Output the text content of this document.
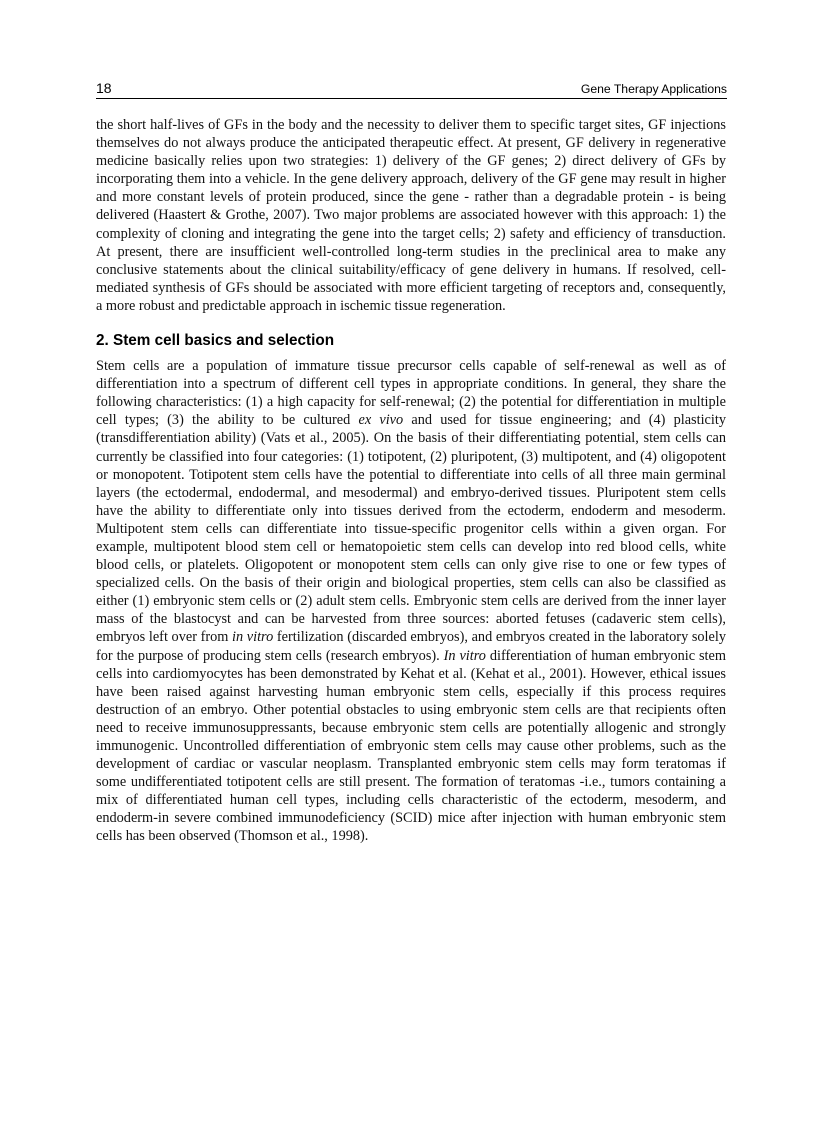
18	Gene Therapy Applications

the short half-lives of GFs in the body and the necessity to deliver them to specific target sites, GF injections themselves do not always produce the anticipated therapeutic effect. At present, GF delivery in regenerative medicine basically relies upon two strategies: 1) delivery of the GF genes; 2) direct delivery of GFs by incorporating them into a vehicle. In the gene delivery approach, delivery of the GF gene may result in higher and more constant levels of protein produced, since the gene - rather than a degradable protein - is being delivered (Haastert & Grothe, 2007). Two major problems are associated however with this approach: 1) the complexity of cloning and integrating the gene into the target cells; 2) safety and efficiency of transduction. At present, there are insufficient well-controlled long-term studies in the preclinical area to make any conclusive statements about the clinical suitability/efficacy of gene delivery in humans. If resolved, cell-mediated synthesis of GFs should be associated with more efficient targeting of receptors and, consequently, a more robust and predictable approach in ischemic tissue regeneration.

2. Stem cell basics and selection

Stem cells are a population of immature tissue precursor cells capable of self-renewal as well as of differentiation into a spectrum of different cell types in appropriate conditions. In general, they share the following characteristics: (1) a high capacity for self-renewal; (2) the potential for differentiation in multiple cell types; (3) the ability to be cultured ex vivo and used for tissue engineering; and (4) plasticity (transdifferentiation ability) (Vats et al., 2005). On the basis of their differentiating potential, stem cells can currently be classified into four categories: (1) totipotent, (2) pluripotent, (3) multipotent, and (4) oligopotent or monopotent. Totipotent stem cells have the potential to differentiate into cells of all three main germinal layers (the ectodermal, endodermal, and mesodermal) and embryo-derived tissues. Pluripotent stem cells have the ability to differentiate only into tissues derived from the ectoderm, endoderm and mesoderm. Multipotent stem cells can differentiate into tissue-specific progenitor cells within a given organ. For example, multipotent blood stem cell or hematopoietic stem cells can develop into red blood cells, white blood cells, or platelets. Oligopotent or monopotent stem cells can only give rise to one or few types of specialized cells. On the basis of their origin and biological properties, stem cells can also be classified as either (1) embryonic stem cells or (2) adult stem cells. Embryonic stem cells are derived from the inner layer mass of the blastocyst and can be harvested from three sources: aborted fetuses (cadaveric stem cells), embryos left over from in vitro fertilization (discarded embryos), and embryos created in the laboratory solely for the purpose of producing stem cells (research embryos). In vitro differentiation of human embryonic stem cells into cardiomyocytes has been demonstrated by Kehat et al. (Kehat et al., 2001). However, ethical issues have been raised against harvesting human embryonic stem cells, especially if this process requires destruction of an embryo. Other potential obstacles to using embryonic stem cells are that recipients often need to receive immunosuppressants, because embryonic stem cells are potentially allogenic and strongly immunogenic. Uncontrolled differentiation of embryonic stem cells may cause other problems, such as the development of cardiac or vascular neoplasm. Transplanted embryonic stem cells may form teratomas if some undifferentiated totipotent cells are still present. The formation of teratomas -i.e., tumors containing a mix of differentiated human cell types, including cells characteristic of the ectoderm, mesoderm, and endoderm-in severe combined immunodeficiency (SCID) mice after injection with human embryonic stem cells has been observed (Thomson et al., 1998).
